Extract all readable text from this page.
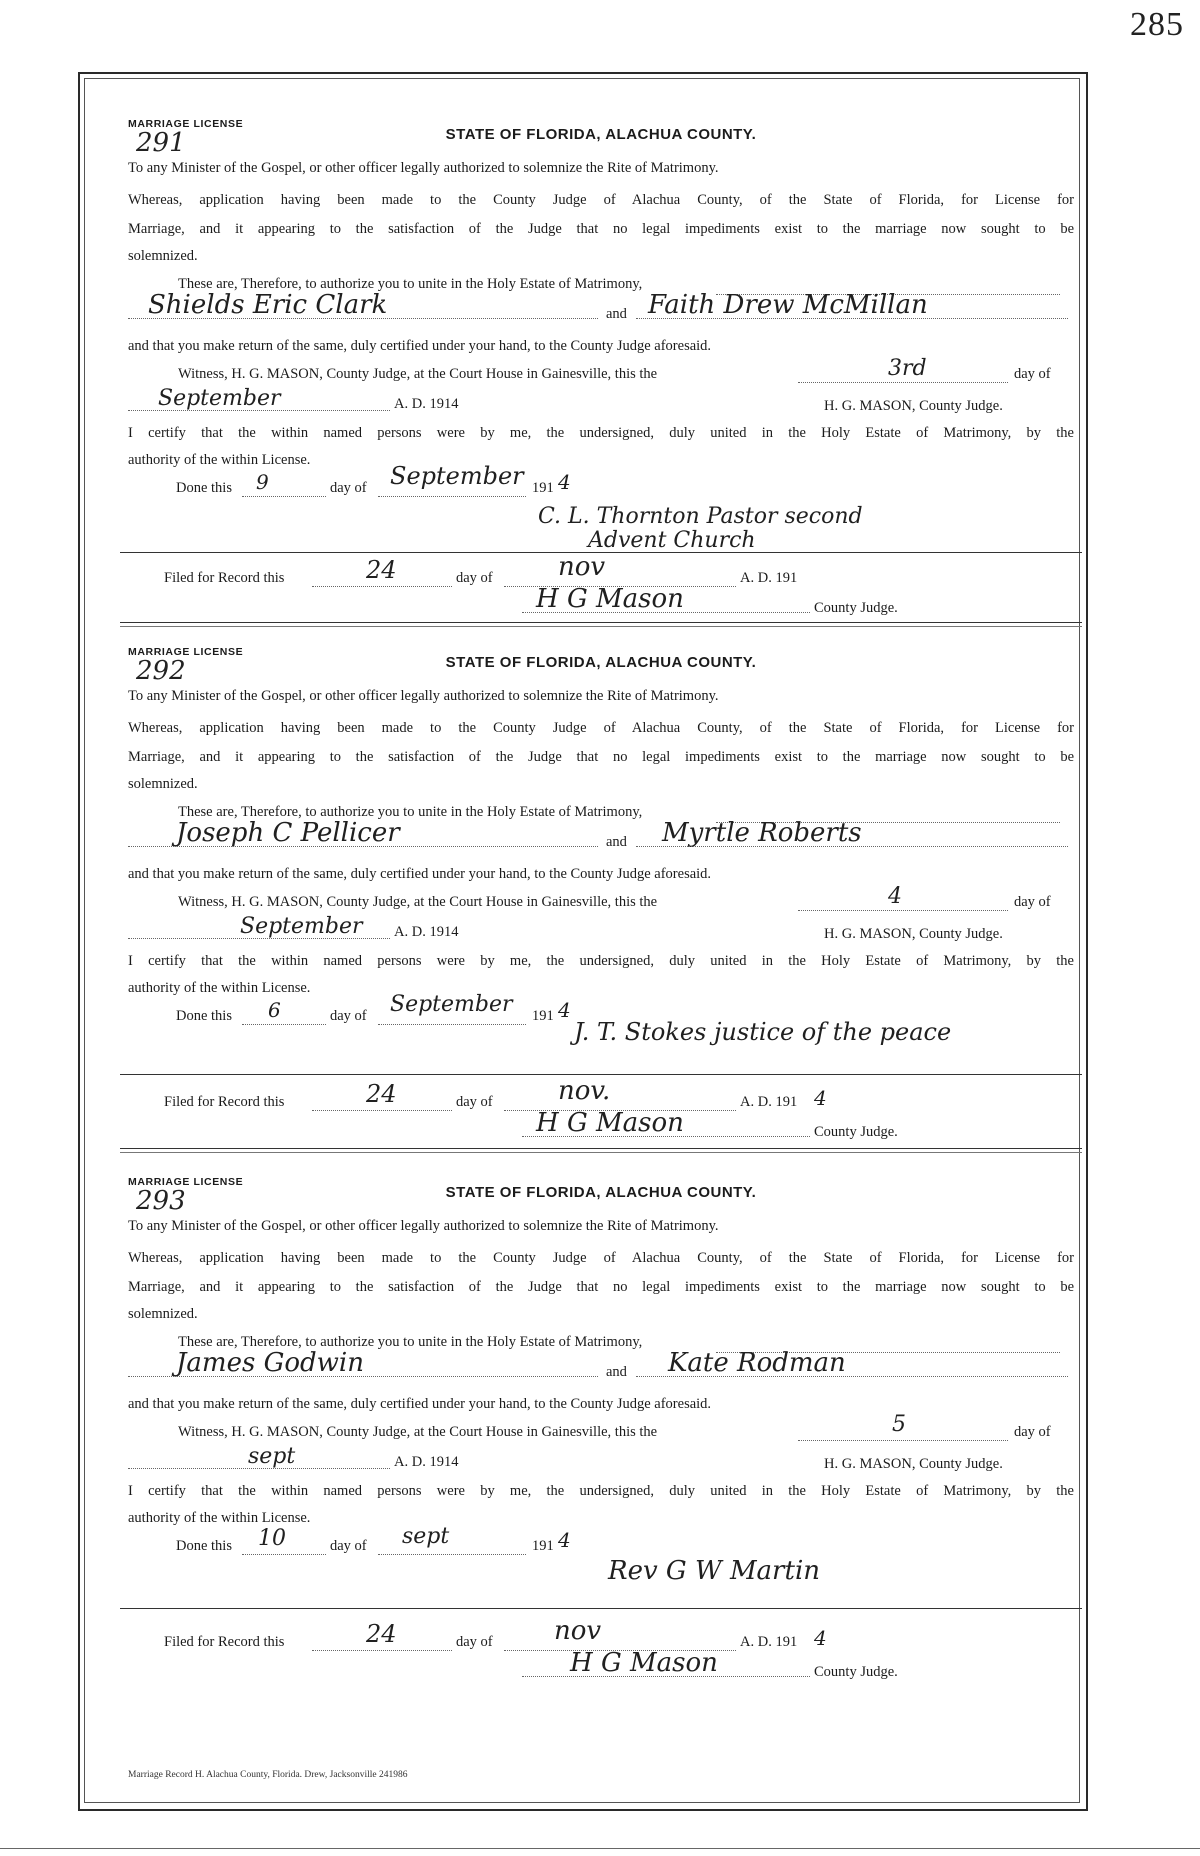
285
MARRIAGE LICENSE
291	STATE OF FLORIDA, ALACHUA COUNTY.
To any Minister of the Gospel, or other officer legally authorized to solemnize the Rite of Matrimony.
Whereas, application having been made to the County Judge of Alachua County, of the State of Florida, for License for
Marriage, and it appearing to the satisfaction of the Judge that no legal impediments exist to the marriage now sought to be
solemnized.
These are, Therefore, to authorize you to unite in the Holy Estate of Matrimony,
Shields Eric Clark	and Faith Drew McMillan
and that you make return of the same, duly certified under your hand, to the County Judge aforesaid.
Witness, H. G. MASON, County Judge, at the Court House in Gainesville, this the	3rd	day of
September	A. D. 1914	H. G. MASON, County Judge.
I certify that the within named persons were by me, the undersigned, duly united in the Holy Estate of Matrimony, by the
authority of the within License.
Done this 9	day of September 191 4
C. L. Thornton Pastor second
Advent Church
Filed for Record this	24	day of	nov	A. D. 191
H G Mason	County Judge.
MARRIAGE LICENSE
292	STATE OF FLORIDA, ALACHUA COUNTY.
To any Minister of the Gospel, or other officer legally authorized to solemnize the Rite of Matrimony.
Whereas, application having been made to the County Judge of Alachua County, of the State of Florida, for License for
Marriage, and it appearing to the satisfaction of the Judge that no legal impediments exist to the marriage now sought to be
solemnized.
These are, Therefore, to authorize you to unite in the Holy Estate of Matrimony,
Joseph C Pellicer	and Myrtle Roberts
and that you make return of the same, duly certified under your hand, to the County Judge aforesaid.
Witness, H. G. MASON, County Judge, at the Court House in Gainesville, this the	4	day of
September A. D. 1914	H. G. MASON, County Judge.
I certify that the within named persons were by me, the undersigned, duly united in the Holy Estate of Matrimony, by the
authority of the within License.
Done this 6	day of September 191 4
J. T. Stokes justice of the peace
Filed for Record this	24	day of	nov.	A. D. 191 4
H G Mason	County Judge.
MARRIAGE LICENSE
293	STATE OF FLORIDA, ALACHUA COUNTY.
To any Minister of the Gospel, or other officer legally authorized to solemnize the Rite of Matrimony.
Whereas, application having been made to the County Judge of Alachua County, of the State of Florida, for License for
Marriage, and it appearing to the satisfaction of the Judge that no legal impediments exist to the marriage now sought to be
solemnized.
These are, Therefore, to authorize you to unite in the Holy Estate of Matrimony,
James Godwin	and Kate Rodman
and that you make return of the same, duly certified under your hand, to the County Judge aforesaid.
Witness, H. G. MASON, County Judge, at the Court House in Gainesville, this the	5	day of
sept	A. D. 1914	H. G. MASON, County Judge.
I certify that the within named persons were by me, the undersigned, duly united in the Holy Estate of Matrimony, by the
authority of the within License.
Done this 10	day of sept	191 4
Rev G W Martin
Filed for Record this	24	day of nov	A. D. 191 4
H G Mason	County Judge.
Marriage Record H. Alachua County, Florida. Drew, Jacksonville 241986
